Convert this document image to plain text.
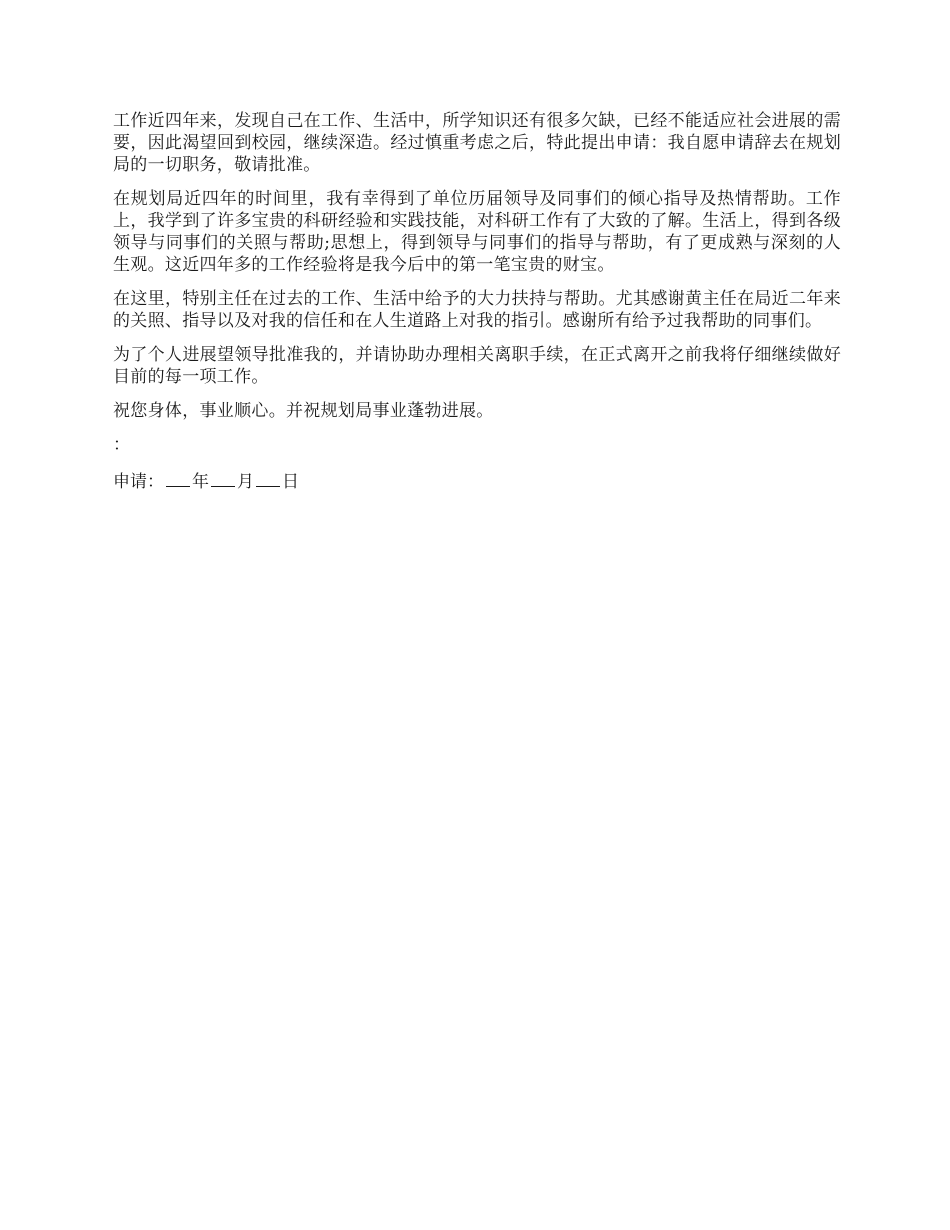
工作近四年来，发现自己在工作、生活中，所学知识还有很多欠缺，已经不能适应社会进展的需要，因此渴望回到校园，继续深造。经过慎重考虑之后，特此提出申请：我自愿申请辞去在规划局的一切职务，敬请批准。

在规划局近四年的时间里，我有幸得到了单位历届领导及同事们的倾心指导及热情帮助。工作上，我学到了许多宝贵的科研经验和实践技能，对科研工作有了大致的了解。生活上，得到各级领导与同事们的关照与帮助;思想上，得到领导与同事们的指导与帮助，有了更成熟与深刻的人生观。这近四年多的工作经验将是我今后中的第一笔宝贵的财宝。

在这里，特别主任在过去的工作、生活中给予的大力扶持与帮助。尤其感谢黄主任在局近二年来的关照、指导以及对我的信任和在人生道路上对我的指引。感谢所有给予过我帮助的同事们。

为了个人进展望领导批准我的，并请协助办理相关离职手续，在正式离开之前我将仔细继续做好目前的每一项工作。

祝您身体，事业顺心。并祝规划局事业蓬勃进展。

：
申请： 年 月 日
